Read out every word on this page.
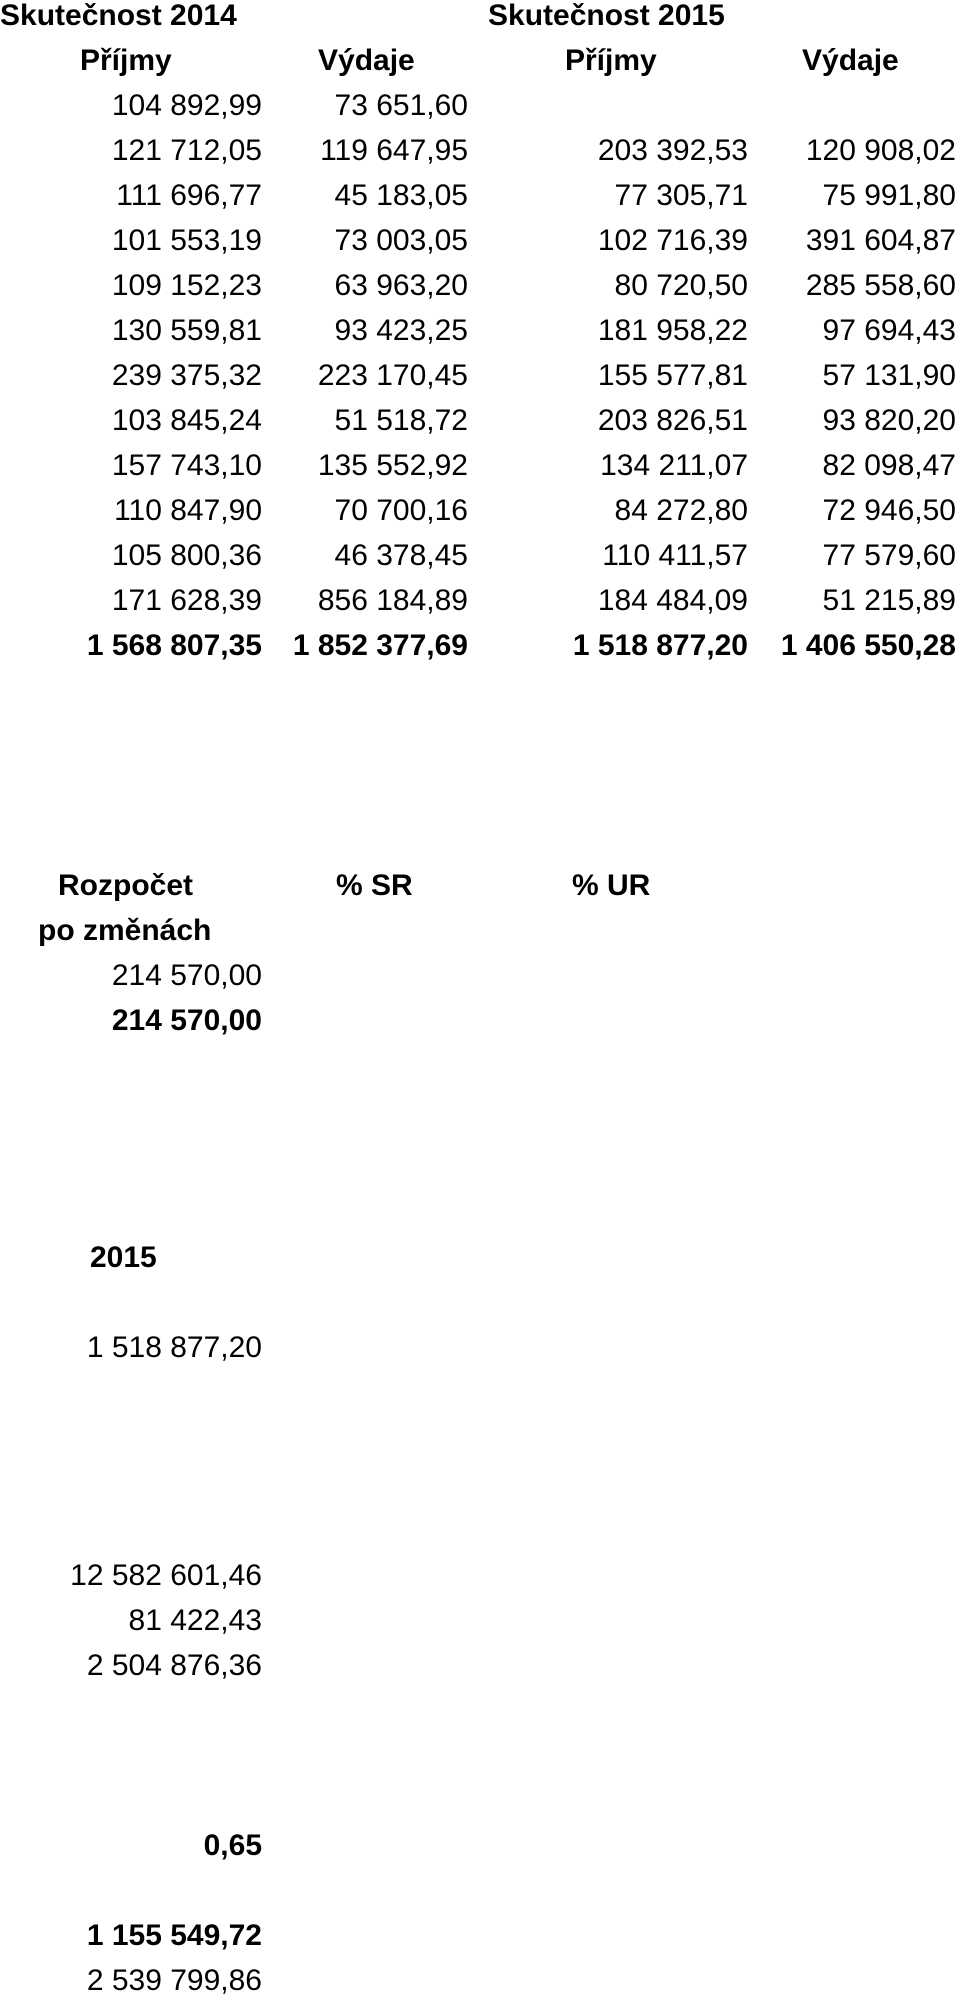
Skutečnost 2014	Skutečnost 2015
Příjmy	Výdaje	Příjmy	Výdaje
104 892,99	73 651,60
121 712,05	119 647,95	203 392,53	120 908,02
111 696,77	45 183,05	77 305,71	75 991,80
101 553,19	73 003,05	102 716,39	391 604,87
109 152,23	63 963,20	80 720,50	285 558,60
130 559,81	93 423,25	181 958,22	97 694,43
239 375,32	223 170,45	155 577,81	57 131,90
103 845,24	51 518,72	203 826,51	93 820,20
157 743,10	135 552,92	134 211,07	82 098,47
110 847,90	70 700,16	84 272,80	72 946,50
105 800,36	46 378,45	110 411,57	77 579,60
171 628,39	856 184,89	184 484,09	51 215,89
1 568 807,35	1 852 377,69	1 518 877,20	1 406 550,28
Rozpočet	% SR	% UR
po změnách
214 570,00
214 570,00
2015
1 518 877,20
12 582 601,46
81 422,43
2 504 876,36
0,65
1 155 549,72
2 539 799,86
